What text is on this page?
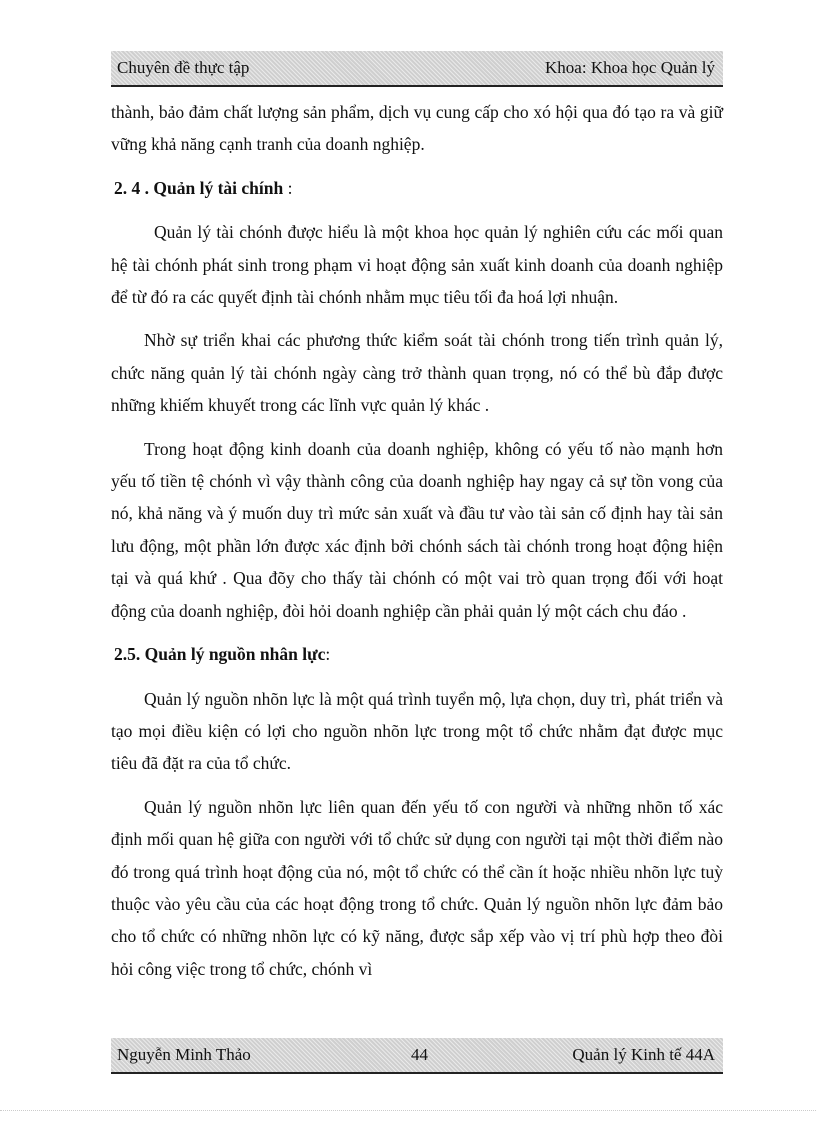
Chuyên đề thực tập	Khoa: Khoa học Quản lý

thành, bảo đảm chất lượng sản phẩm, dịch vụ cung cấp cho xó hội qua đó tạo ra và giữ vững khả năng cạnh tranh của doanh nghiệp.

2. 4 . Quản lý tài chính :

Quản lý tài chónh được hiểu là một khoa học quản lý nghiên cứu các mối quan hệ tài chónh phát sinh trong phạm vi hoạt động sản xuất kinh doanh của doanh nghiệp để từ đó ra các quyết định tài chónh nhằm mục tiêu tối đa hoá lợi nhuận.

Nhờ sự triển khai các phương thức kiểm soát tài chónh trong tiến trình quản lý, chức năng quản lý tài chónh ngày càng trở thành quan trọng, nó có thể bù đắp được những khiếm khuyết trong các lĩnh vực quản lý khác .

Trong hoạt động kinh doanh của doanh nghiệp, không có yếu tố nào mạnh hơn yếu tố tiền tệ chónh vì vậy thành công của doanh nghiệp hay ngay cả sự tồn vong của nó, khả năng và ý muốn duy trì mức sản xuất và đầu tư vào tài sản cố định hay tài sản lưu động, một phần lớn được xác định bởi chónh sách tài chónh trong hoạt động hiện tại và quá khứ . Qua đõy cho thấy tài chónh có một vai trò quan trọng đối với hoạt động của doanh nghiệp, đòi hỏi doanh nghiệp cần phải quản lý một cách chu đáo .

2.5. Quản lý nguồn nhân lực:

Quản lý nguồn nhõn lực là một quá trình tuyển mộ, lựa chọn, duy trì, phát triển và tạo mọi điều kiện có lợi cho nguồn nhõn lực trong một tổ chức nhằm đạt được mục tiêu đã đặt ra của tổ chức.

Quản lý nguồn nhõn lực liên quan đến yếu tố con người và những nhõn tố xác định mối quan hệ giữa con người với tổ chức sử dụng con người tại một thời điểm nào đó trong quá trình hoạt động của nó, một tổ chức có thể cần ít hoặc nhiều nhõn lực tuỳ thuộc vào yêu cầu của các hoạt động trong tổ chức. Quản lý nguồn nhõn lực đảm bảo cho tổ chức có những nhõn lực có kỹ năng, được sắp xếp vào vị trí phù hợp theo đòi hỏi công việc trong tổ chức, chónh vì

Nguyễn Minh Thảo	44	Quản lý Kinh tế 44A
